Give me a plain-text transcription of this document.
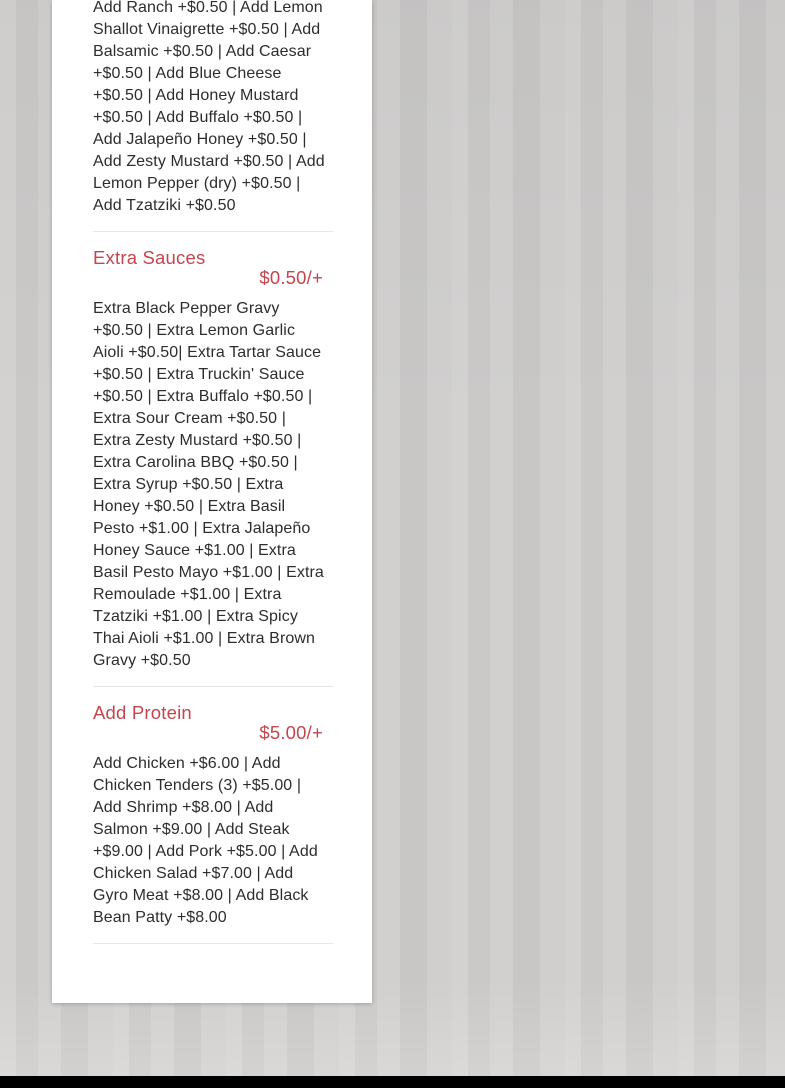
Add Ranch +$0.50 | Add Lemon Shallot Vinaigrette +$0.50 | Add Balsamic +$0.50 | Add Caesar +$0.50 | Add Blue Cheese +$0.50 | Add Honey Mustard +$0.50 | Add Buffalo +$0.50 | Add Jalapeño Honey +$0.50 | Add Zesty Mustard +$0.50 | Add Lemon Pepper (dry) +$0.50 | Add Tzatziki +$0.50

Extra Sauces
$0.50/+

Extra Black Pepper Gravy +$0.50 | Extra Lemon Garlic Aioli +$0.50| Extra Tartar Sauce +$0.50 | Extra Truckin' Sauce +$0.50 | Extra Buffalo +$0.50 | Extra Sour Cream +$0.50 | Extra Zesty Mustard +$0.50 | Extra Carolina BBQ +$0.50 | Extra Syrup +$0.50 | Extra Honey +$0.50 | Extra Basil Pesto +$1.00 | Extra Jalapeño Honey Sauce +$1.00 | Extra Basil Pesto Mayo +$1.00 | Extra Remoulade +$1.00 | Extra Tzatziki +$1.00 | Extra Spicy Thai Aioli +$1.00 | Extra Brown Gravy +$0.50

Add Protein
$5.00/+

Add Chicken +$6.00 | Add Chicken Tenders (3) +$5.00 | Add Shrimp +$8.00 | Add Salmon +$9.00 | Add Steak +$9.00 | Add Pork +$5.00 | Add Chicken Salad +$7.00 | Add Gyro Meat +$8.00 | Add Black Bean Patty +$8.00
